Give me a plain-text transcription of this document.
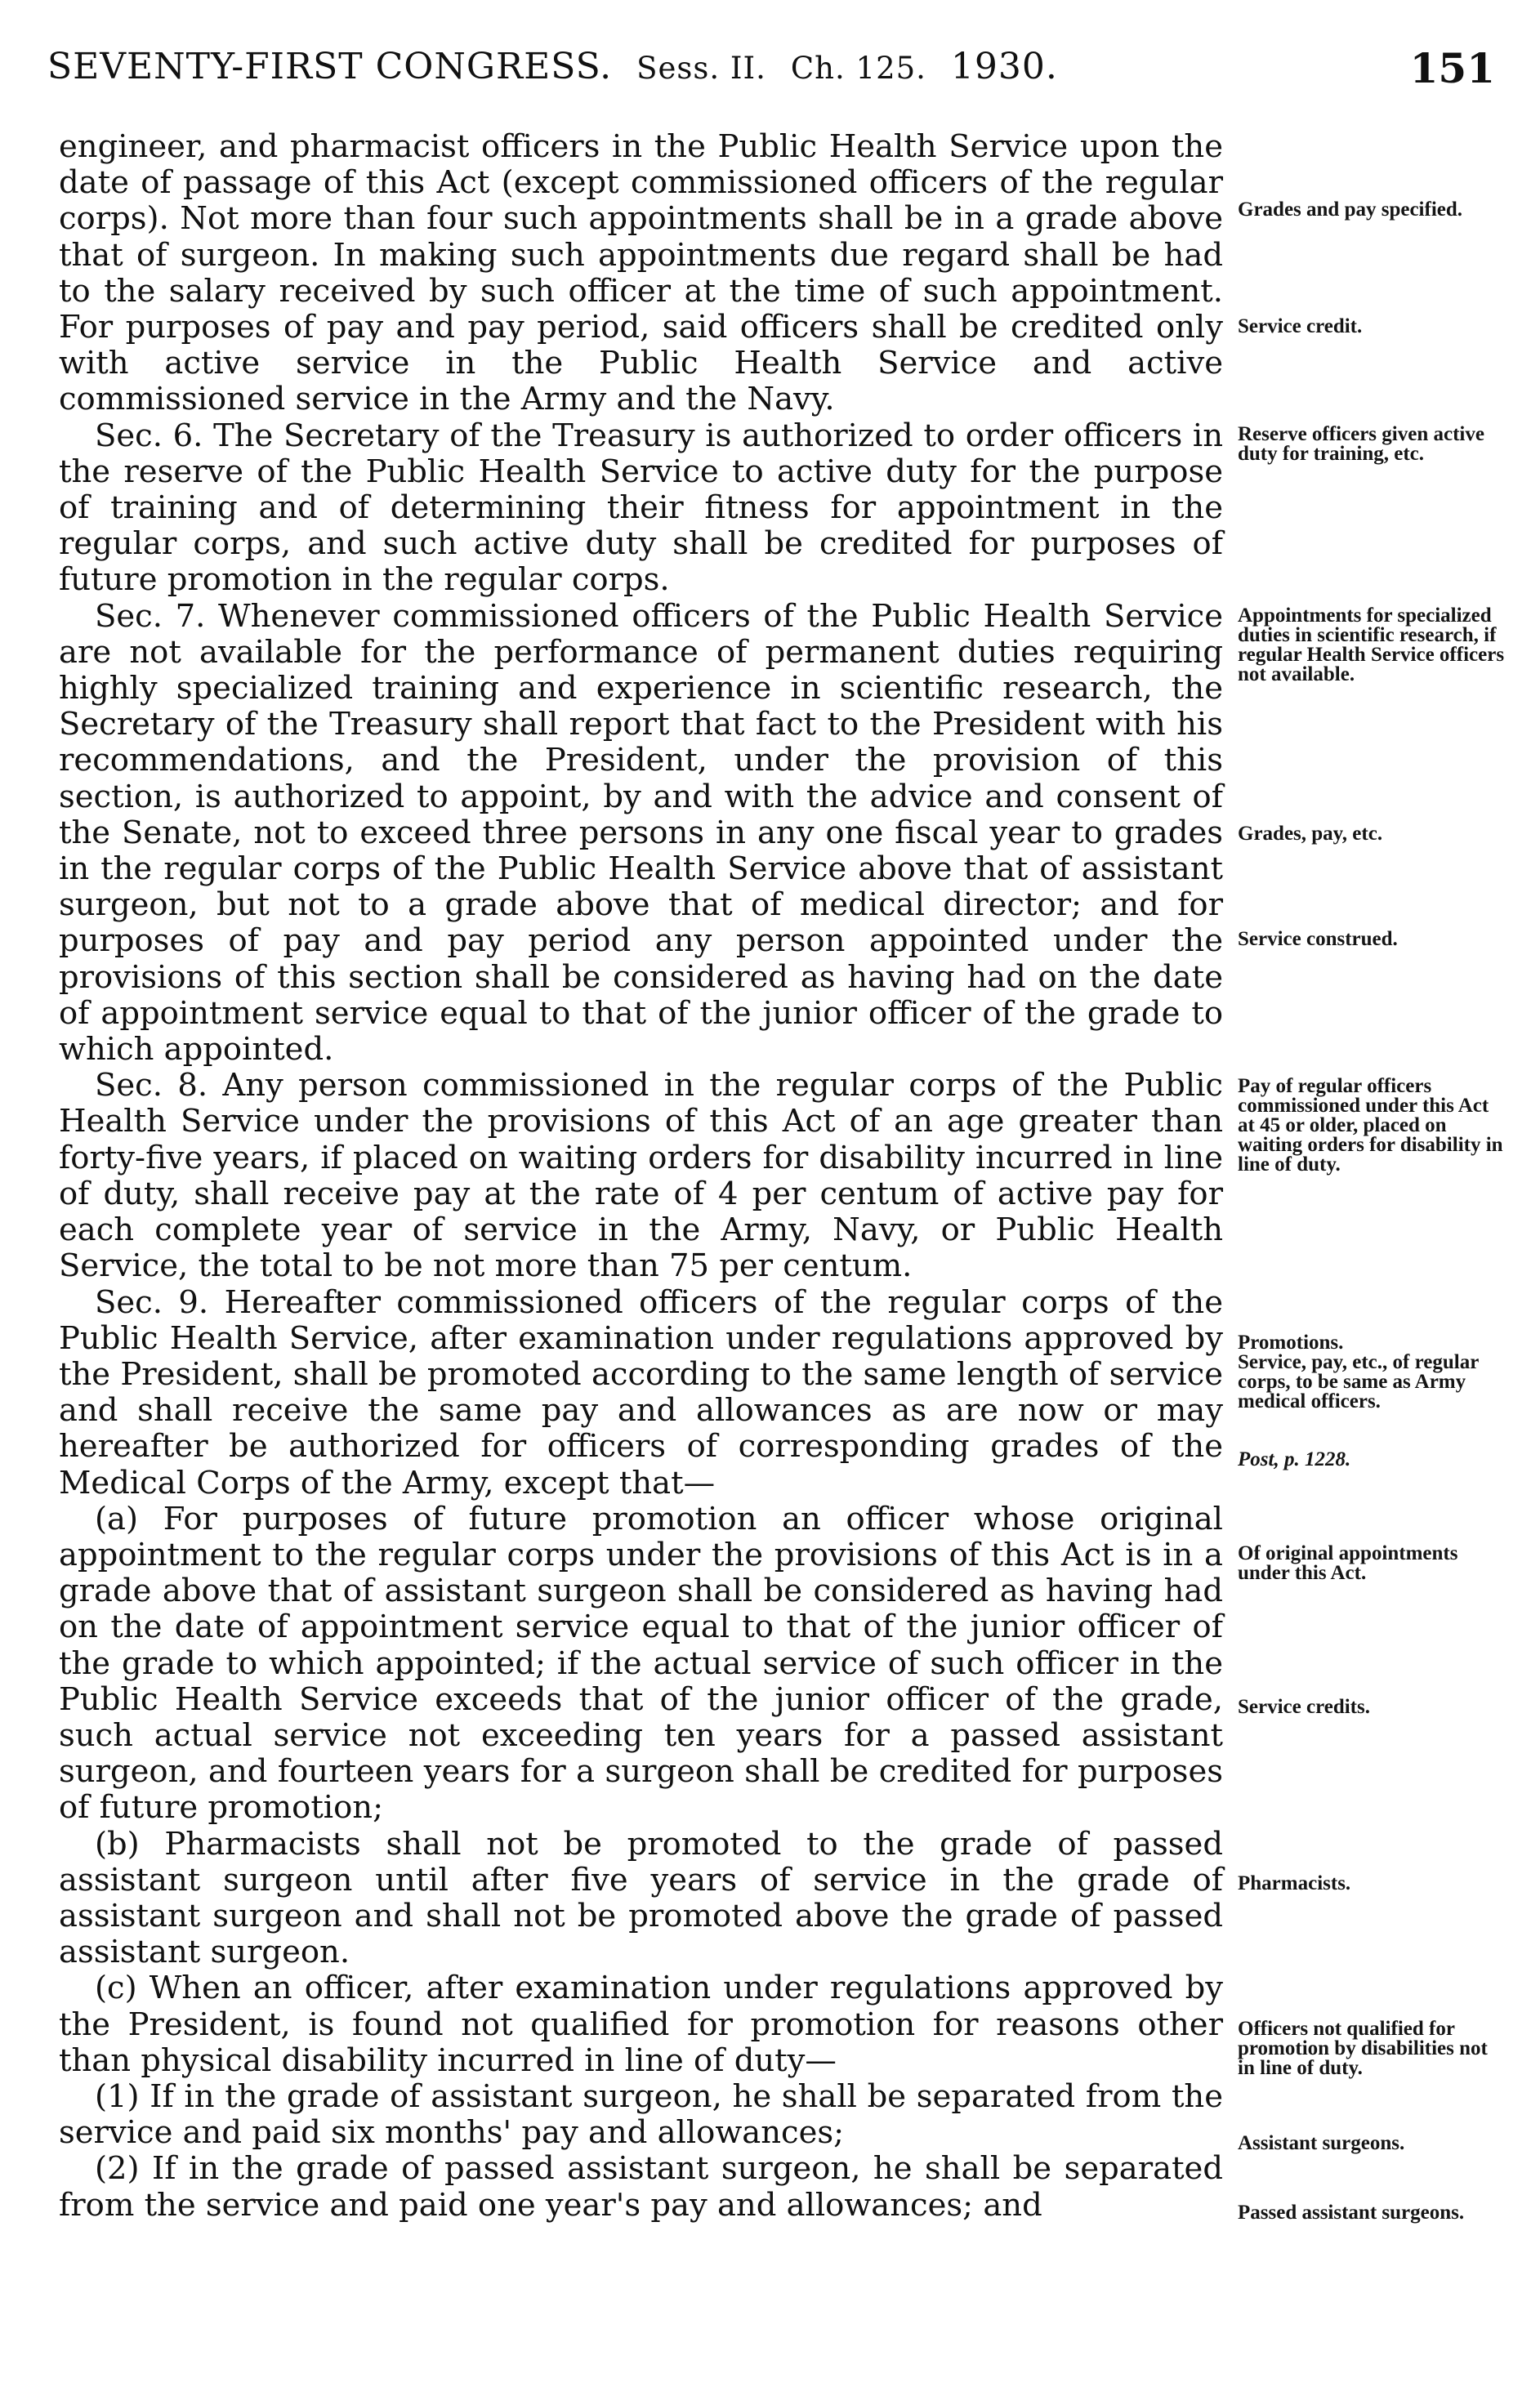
SEVENTY-FIRST CONGRESS. Sess. II. Ch. 125. 1930.	151

engineer, and pharmacist officers in the Public Health Service upon the date of passage of this Act (except commissioned officers of the regular corps). Not more than four such appointments shall be in a grade above that of surgeon. In making such appointments due regard shall be had to the salary received by such officer at the time of such appointment. For purposes of pay and pay period, said officers shall be credited only with active service in the Public Health Service and active commissioned service in the Army and the Navy.

Sec. 6. The Secretary of the Treasury is authorized to order officers in the reserve of the Public Health Service to active duty for the purpose of training and of determining their fitness for appointment in the regular corps, and such active duty shall be credited for purposes of future promotion in the regular corps.

Sec. 7. Whenever commissioned officers of the Public Health Service are not available for the performance of permanent duties requiring highly specialized training and experience in scientific research, the Secretary of the Treasury shall report that fact to the President with his recommendations, and the President, under the provision of this section, is authorized to appoint, by and with the advice and consent of the Senate, not to exceed three persons in any one fiscal year to grades in the regular corps of the Public Health Service above that of assistant surgeon, but not to a grade above that of medical director; and for purposes of pay and pay period any person appointed under the provisions of this section shall be considered as having had on the date of appointment service equal to that of the junior officer of the grade to which appointed.

Sec. 8. Any person commissioned in the regular corps of the Public Health Service under the provisions of this Act of an age greater than forty-five years, if placed on waiting orders for disability incurred in line of duty, shall receive pay at the rate of 4 per centum of active pay for each complete year of service in the Army, Navy, or Public Health Service, the total to be not more than 75 per centum.

Sec. 9. Hereafter commissioned officers of the regular corps of the Public Health Service, after examination under regulations approved by the President, shall be promoted according to the same length of service and shall receive the same pay and allowances as are now or may hereafter be authorized for officers of corresponding grades of the Medical Corps of the Army, except that—

(a) For purposes of future promotion an officer whose original appointment to the regular corps under the provisions of this Act is in a grade above that of assistant surgeon shall be considered as having had on the date of appointment service equal to that of the junior officer of the grade to which appointed; if the actual service of such officer in the Public Health Service exceeds that of the junior officer of the grade, such actual service not exceeding ten years for a passed assistant surgeon, and fourteen years for a surgeon shall be credited for purposes of future promotion;

(b) Pharmacists shall not be promoted to the grade of passed assistant surgeon until after five years of service in the grade of assistant surgeon and shall not be promoted above the grade of passed assistant surgeon.

(c) When an officer, after examination under regulations approved by the President, is found not qualified for promotion for reasons other than physical disability incurred in line of duty—

(1) If in the grade of assistant surgeon, he shall be separated from the service and paid six months' pay and allowances;

(2) If in the grade of passed assistant surgeon, he shall be separated from the service and paid one year's pay and allowances; and

Grades and pay specified.
Service credit.
Reserve officers given active duty for training, etc.
Appointments for specialized duties in scientific research, if regular Health Service officers not available.
Grades, pay, etc.
Service construed.
Pay of regular officers commissioned under this Act at 45 or older, placed on waiting orders for disability in line of duty.
Promotions.
Service, pay, etc., of regular corps, to be same as Army medical officers.
Post, p. 1228.
Of original appointments under this Act.
Service credits.
Pharmacists.
Officers not qualified for promotion by disabilities not in line of duty.
Assistant surgeons.
Passed assistant surgeons.
